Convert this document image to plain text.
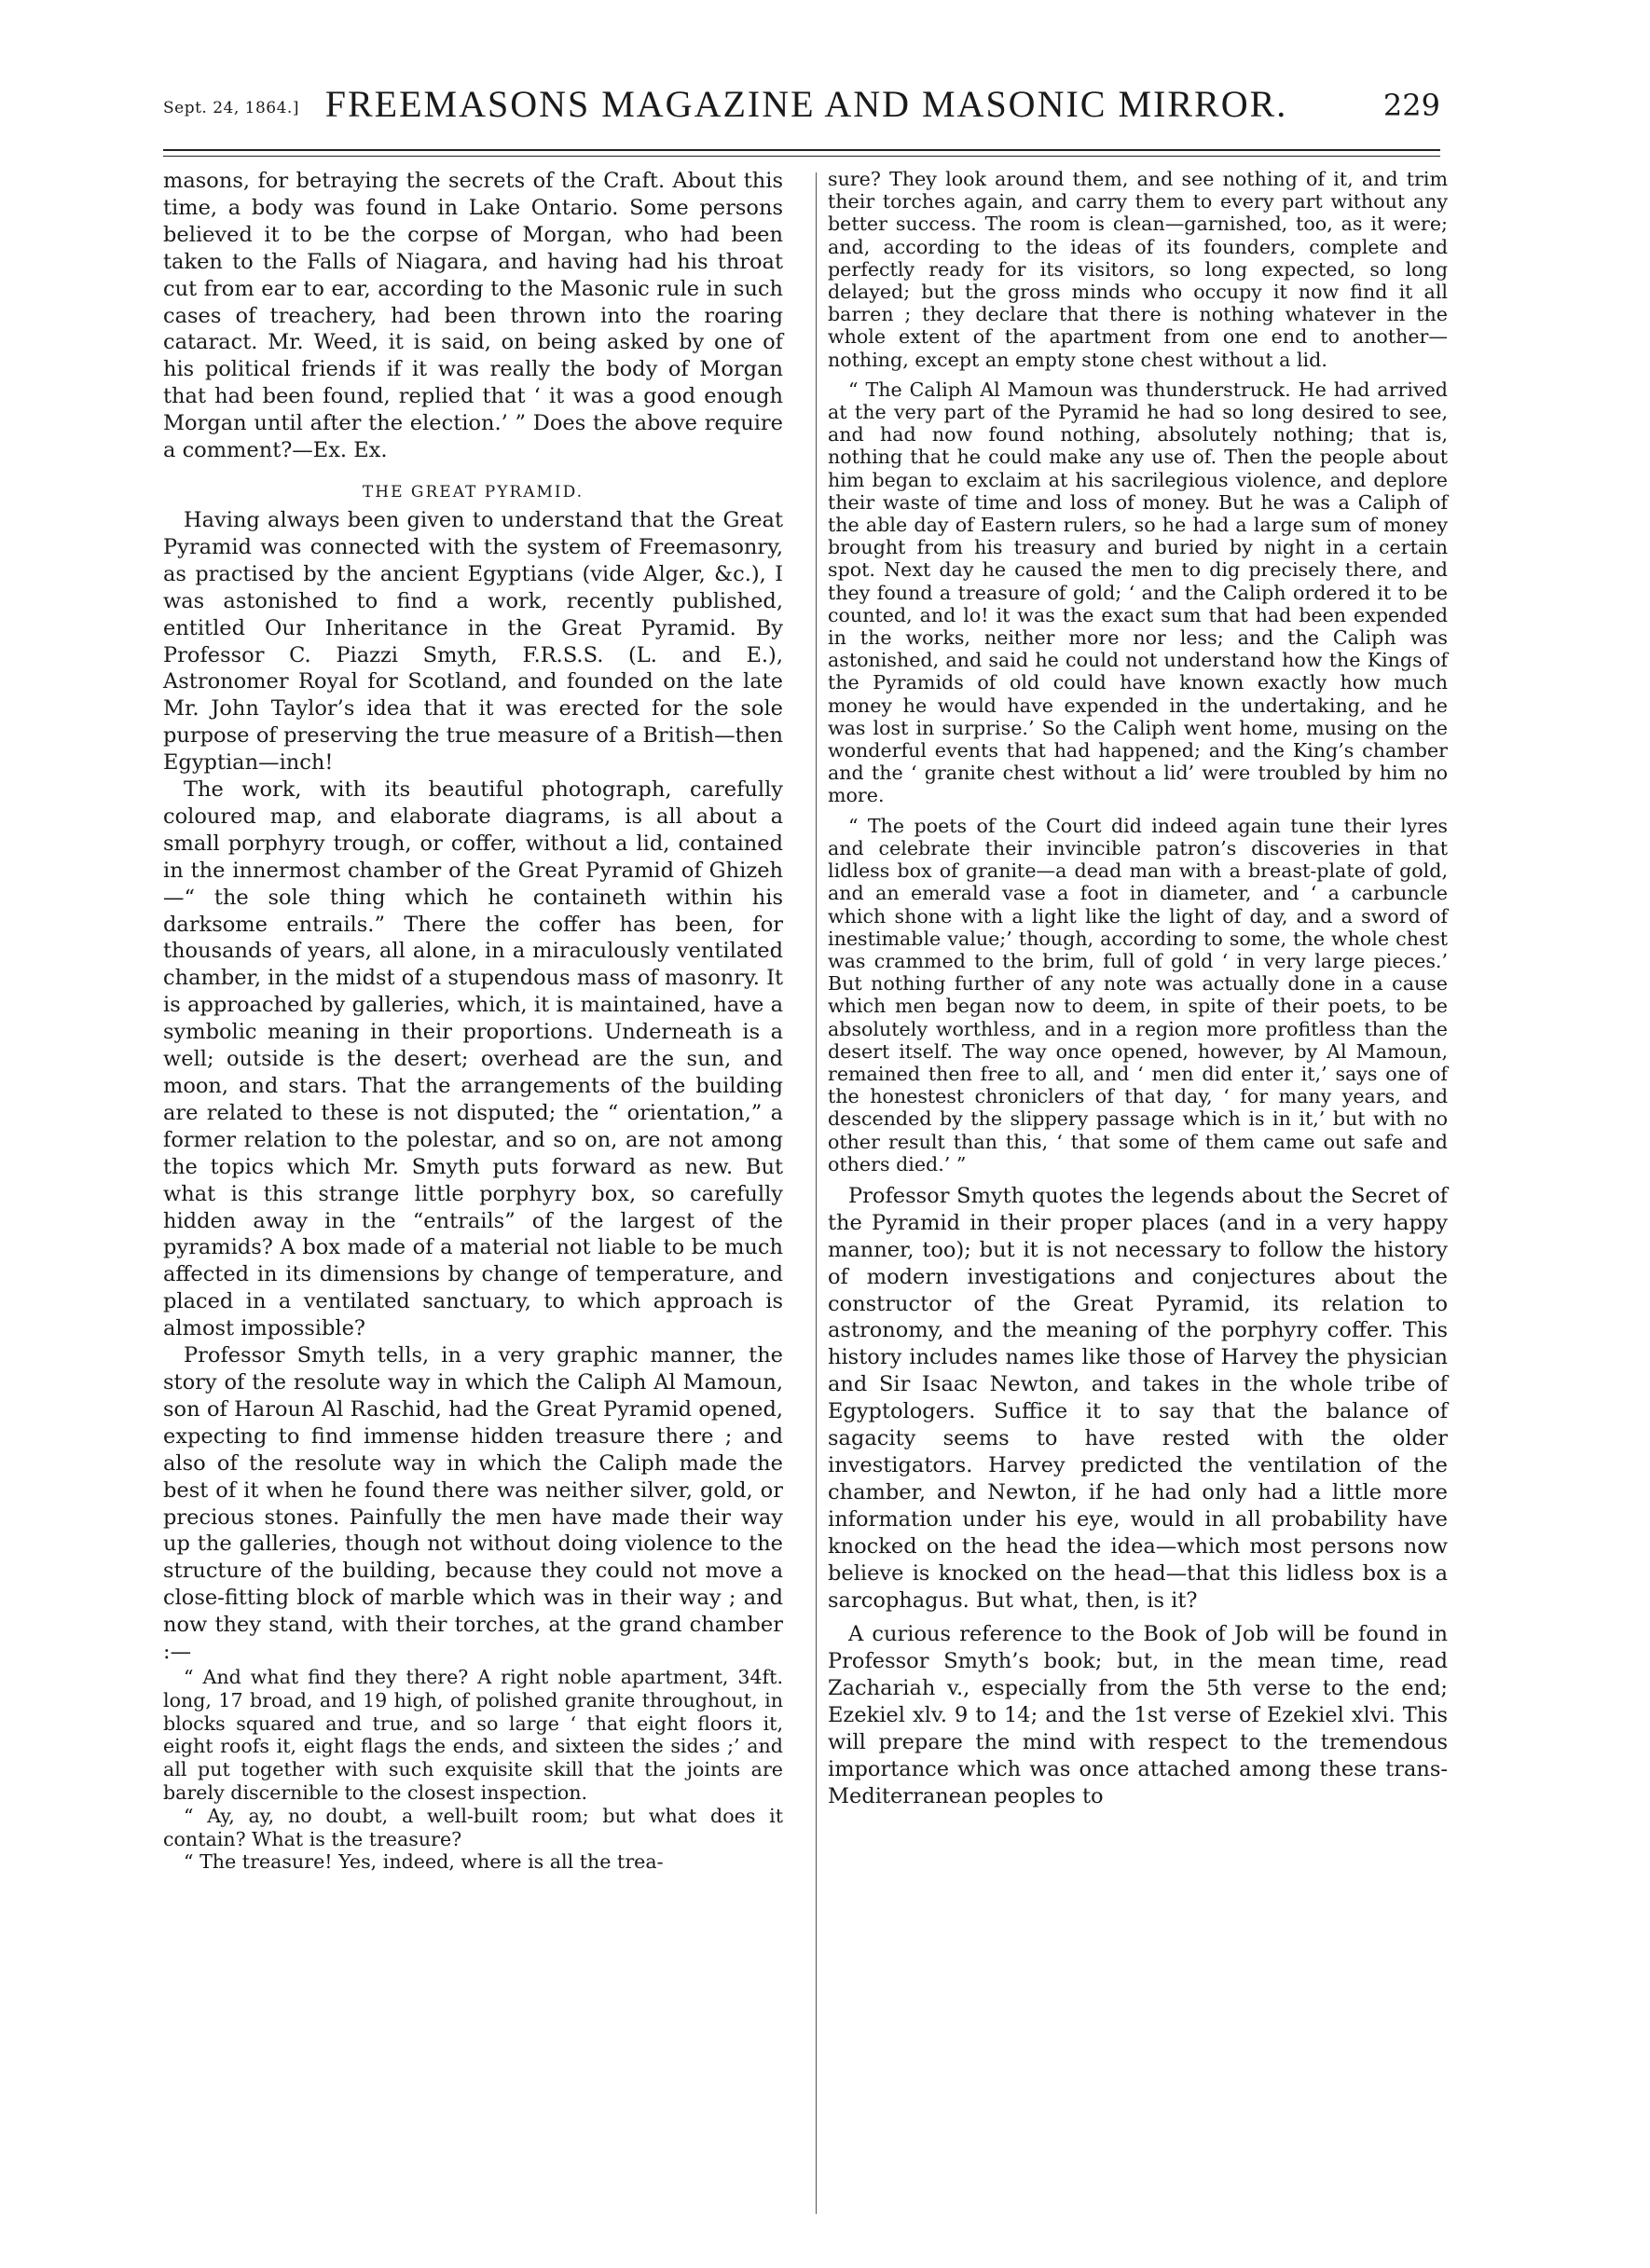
Sept. 24, 1864.] FREEMASONS MAGAZINE AND MASONIC MIRROR.	229

masons, for betraying the secrets of the Craft. About this time, a body was found in Lake Ontario. Some persons believed it to be the corpse of Morgan, who had been taken to the Falls of Niagara, and having had his throat cut from ear to ear, according to the Masonic rule in such cases of treachery, had been thrown into the roaring cataract. Mr. Weed, it is said, on being asked by one of his political friends if it was really the body of Morgan that had been found, replied that ‘ it was a good enough Morgan until after the election.’ ” Does the above require a comment?—Ex. Ex.

THE GREAT PYRAMID.

Having always been given to understand that the Great Pyramid was connected with the system of Freemasonry, as practised by the ancient Egyptians (vide Alger, &c.), I was astonished to find a work, recently published, entitled Our Inheritance in the Great Pyramid. By Professor C. Piazzi Smyth, F.R.S.S. (L. and E.), Astronomer Royal for Scotland, and founded on the late Mr. John Taylor’s idea that it was erected for the sole purpose of preserving the true measure of a British—then Egyptian—inch!

The work, with its beautiful photograph, carefully coloured map, and elaborate diagrams, is all about a small porphyry trough, or coffer, without a lid, contained in the innermost chamber of the Great Pyramid of Ghizeh—“ the sole thing which he containeth within his darksome entrails.” There the coffer has been, for thousands of years, all alone, in a miraculously ventilated chamber, in the midst of a stupendous mass of masonry. It is approached by galleries, which, it is maintained, have a symbolic meaning in their proportions. Underneath is a well; outside is the desert; overhead are the sun, and moon, and stars. That the arrangements of the building are related to these is not disputed; the “ orientation,” a former relation to the polestar, and so on, are not among the topics which Mr. Smyth puts forward as new. But what is this strange little porphyry box, so carefully hidden away in the “entrails” of the largest of the pyramids? A box made of a material not liable to be much affected in its dimensions by change of temperature, and placed in a ventilated sanctuary, to which approach is almost impossible?

Professor Smyth tells, in a very graphic manner, the story of the resolute way in which the Caliph Al Mamoun, son of Haroun Al Raschid, had the Great Pyramid opened, expecting to find immense hidden treasure there ; and also of the resolute way in which the Caliph made the best of it when he found there was neither silver, gold, or precious stones. Painfully the men have made their way up the galleries, though not without doing violence to the structure of the building, because they could not move a close-fitting block of marble which was in their way ; and now they stand, with their torches, at the grand chamber :—

“ And what find they there? A right noble apartment, 34ft. long, 17 broad, and 19 high, of polished granite throughout, in blocks squared and true, and so large ‘ that eight floors it, eight roofs it, eight flags the ends, and sixteen the sides ;’ and all put together with such exquisite skill that the joints are barely discernible to the closest inspection.

“ Ay, ay, no doubt, a well-built room; but what does it contain? What is the treasure?

“ The treasure! Yes, indeed, where is all the trea-

sure? They look around them, and see nothing of it, and trim their torches again, and carry them to every part without any better success. The room is clean—garnished, too, as it were; and, according to the ideas of its founders, complete and perfectly ready for its visitors, so long expected, so long delayed; but the gross minds who occupy it now find it all barren ; they declare that there is nothing whatever in the whole extent of the apartment from one end to another—nothing, except an empty stone chest without a lid.

“ The Caliph Al Mamoun was thunderstruck. He had arrived at the very part of the Pyramid he had so long desired to see, and had now found nothing, absolutely nothing; that is, nothing that he could make any use of. Then the people about him began to exclaim at his sacrilegious violence, and deplore their waste of time and loss of money. But he was a Caliph of the able day of Eastern rulers, so he had a large sum of money brought from his treasury and buried by night in a certain spot. Next day he caused the men to dig precisely there, and they found a treasure of gold; ‘ and the Caliph ordered it to be counted, and lo! it was the exact sum that had been expended in the works, neither more nor less; and the Caliph was astonished, and said he could not understand how the Kings of the Pyramids of old could have known exactly how much money he would have expended in the undertaking, and he was lost in surprise.’ So the Caliph went home, musing on the wonderful events that had happened; and the King’s chamber and the ‘ granite chest without a lid’ were troubled by him no more.

“ The poets of the Court did indeed again tune their lyres and celebrate their invincible patron’s discoveries in that lidless box of granite—a dead man with a breast-plate of gold, and an emerald vase a foot in diameter, and ‘ a carbuncle which shone with a light like the light of day, and a sword of inestimable value;’ though, according to some, the whole chest was crammed to the brim, full of gold ‘ in very large pieces.’ But nothing further of any note was actually done in a cause which men began now to deem, in spite of their poets, to be absolutely worthless, and in a region more profitless than the desert itself. The way once opened, however, by Al Mamoun, remained then free to all, and ‘ men did enter it,’ says one of the honestest chroniclers of that day, ‘ for many years, and descended by the slippery passage which is in it,’ but with no other result than this, ‘ that some of them came out safe and others died.’ ”

Professor Smyth quotes the legends about the Secret of the Pyramid in their proper places (and in a very happy manner, too); but it is not necessary to follow the history of modern investigations and conjectures about the constructor of the Great Pyramid, its relation to astronomy, and the meaning of the porphyry coffer. This history includes names like those of Harvey the physician and Sir Isaac Newton, and takes in the whole tribe of Egyptologers. Suffice it to say that the balance of sagacity seems to have rested with the older investigators. Harvey predicted the ventilation of the chamber, and Newton, if he had only had a little more information under his eye, would in all probability have knocked on the head the idea—which most persons now believe is knocked on the head—that this lidless box is a sarcophagus. But what, then, is it?

A curious reference to the Book of Job will be found in Professor Smyth’s book; but, in the mean time, read Zachariah v., especially from the 5th verse to the end; Ezekiel xlv. 9 to 14; and the 1st verse of Ezekiel xlvi. This will prepare the mind with respect to the tremendous importance which was once attached among these trans-Mediterranean peoples to
